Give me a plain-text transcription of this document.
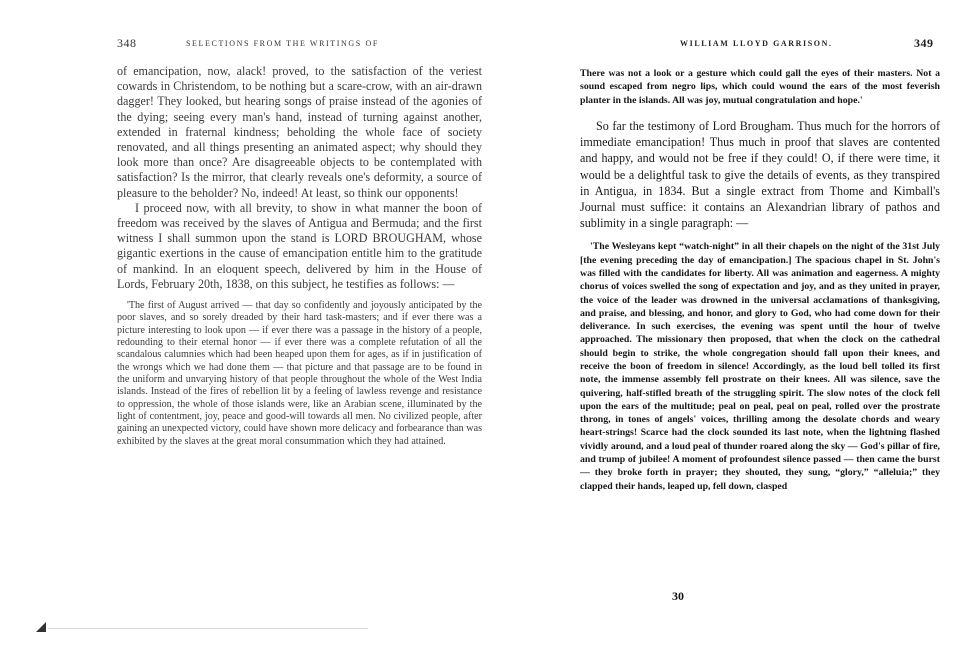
348	SELECTIONS FROM THE WRITINGS OF

of emancipation, now, alack! proved, to the satisfaction of the veriest cowards in Christendom, to be nothing but a scare-crow, with an air-drawn dagger! They looked, but hearing songs of praise instead of the agonies of the dying; seeing every man's hand, instead of turning against another, extended in fraternal kindness; beholding the whole face of society renovated, and all things presenting an animated aspect; why should they look more than once? Are disagreeable objects to be contemplated with satisfaction? Is the mirror, that clearly reveals one's deformity, a source of pleasure to the beholder? No, indeed! At least, so think our opponents!

I proceed now, with all brevity, to show in what manner the boon of freedom was received by the slaves of Antigua and Bermuda; and the first witness I shall summon upon the stand is LORD BROUGHAM, whose gigantic exertions in the cause of emancipation entitle him to the gratitude of mankind. In an eloquent speech, delivered by him in the House of Lords, February 20th, 1838, on this subject, he testifies as follows: —

'The first of August arrived — that day so confidently and joyously anticipated by the poor slaves, and so sorely dreaded by their hard task-masters; and if ever there was a picture interesting to look upon — if ever there was a passage in the history of a people, redounding to their eternal honor — if ever there was a complete refutation of all the scandalous calumnies which had been heaped upon them for ages, as if in justification of the wrongs which we had done them — that picture and that passage are to be found in the uniform and unvarying history of that people throughout the whole of the West India islands. Instead of the fires of rebellion lit by a feeling of lawless revenge and resistance to oppression, the whole of those islands were, like an Arabian scene, illuminated by the light of contentment, joy, peace and good-will towards all men. No civilized people, after gaining an unexpected victory, could have shown more delicacy and forbearance than was exhibited by the slaves at the great moral consummation which they had attained.

WILLIAM LLOYD GARRISON.	349

There was not a look or a gesture which could gall the eyes of their masters. Not a sound escaped from negro lips, which could wound the ears of the most feverish planter in the islands. All was joy, mutual congratulation and hope.'

So far the testimony of Lord Brougham. Thus much for the horrors of immediate emancipation! Thus much in proof that slaves are contented and happy, and would not be free if they could! O, if there were time, it would be a delightful task to give the details of events, as they transpired in Antigua, in 1834. But a single extract from Thome and Kimball's Journal must suffice: it contains an Alexandrian library of pathos and sublimity in a single paragraph: —

'The Wesleyans kept “watch-night” in all their chapels on the night of the 31st July [the evening preceding the day of emancipation.] The spacious chapel in St. John's was filled with the candidates for liberty. All was animation and eagerness. A mighty chorus of voices swelled the song of expectation and joy, and as they united in prayer, the voice of the leader was drowned in the universal acclamations of thanksgiving, and praise, and blessing, and honor, and glory to God, who had come down for their deliverance. In such exercises, the evening was spent until the hour of twelve approached. The missionary then proposed, that when the clock on the cathedral should begin to strike, the whole congregation should fall upon their knees, and receive the boon of freedom in silence! Accordingly, as the loud bell tolled its first note, the immense assembly fell prostrate on their knees. All was silence, save the quivering, half-stifled breath of the struggling spirit. The slow notes of the clock fell upon the ears of the multitude; peal on peal, peal on peal, rolled over the prostrate throng, in tones of angels' voices, thrilling among the desolate chords and weary heart-strings! Scarce had the clock sounded its last note, when the lightning flashed vividly around, and a loud peal of thunder roared along the sky — God's pillar of fire, and trump of jubilee! A moment of profoundest silence passed — then came the burst — they broke forth in prayer; they shouted, they sung, “glory,” “alleluia;” they clapped their hands, leaped up, fell down, clasped

30
